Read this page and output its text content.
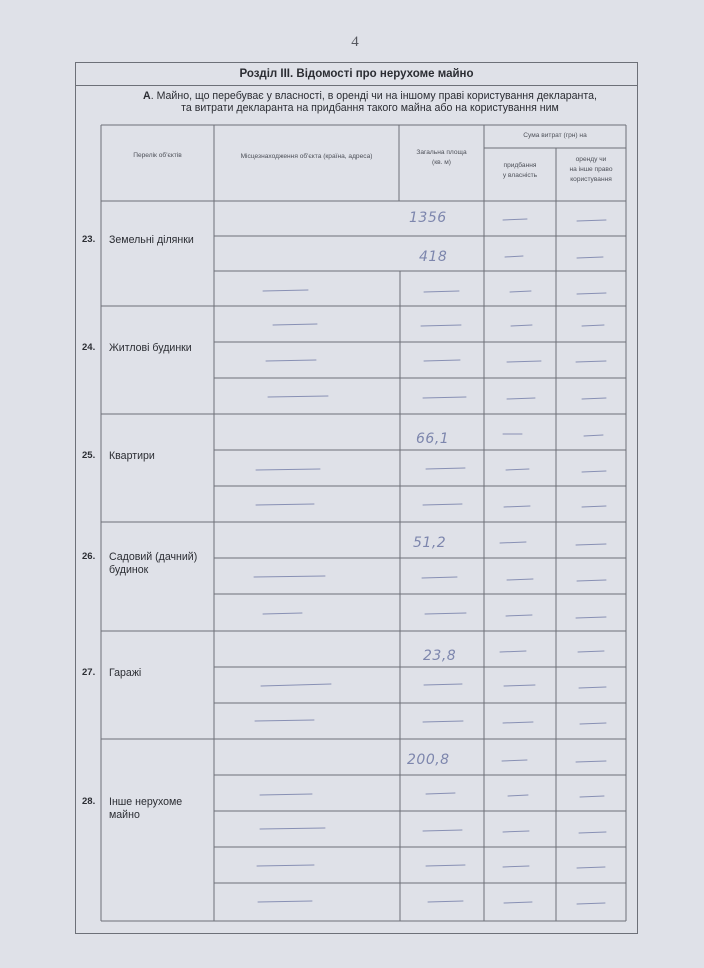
4
Розділ ІІІ. Відомості про нерухоме майно
А. Майно, що перебуває у власності, в оренді чи на іншому праві користування декларанта,
та витрати декларанта на придбання такого майна або на користування ним
Перелік об'єктів	Місцезнаходження об'єкта (країна, адреса)
Загальна площа
(кв. м)
Сума витрат (грн) на
придбання
у власність
оренду чи
на інше право
користування
23. Земельні ділянки
1356
418
24. Житлові будинки
25. Квартири
66,1
26. Садовий (дачний)
будинок
51,2
27. Гаражі
23,8
28. Інше нерухоме
майно
200,8
